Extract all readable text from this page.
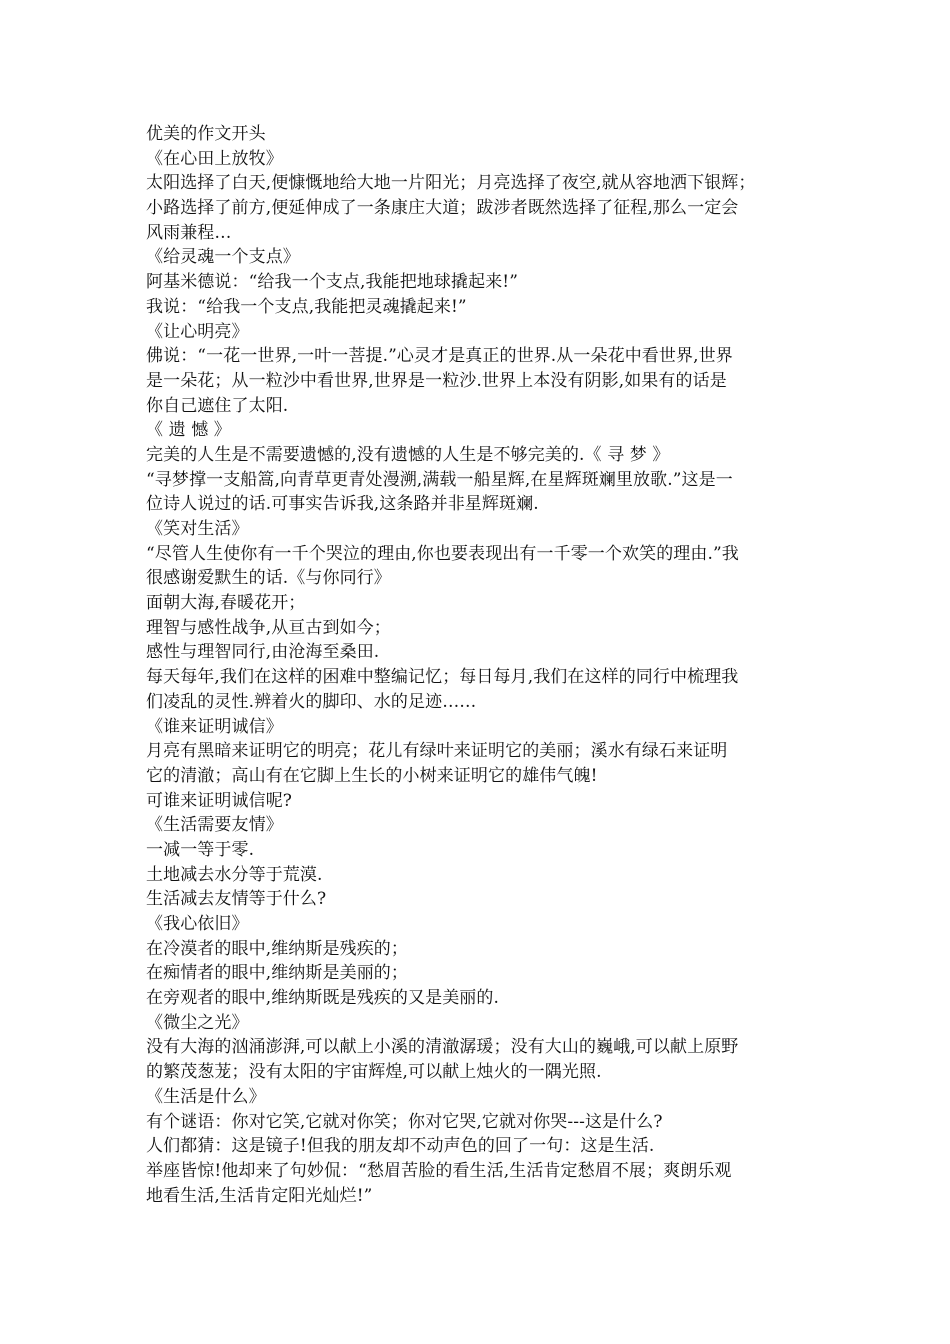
优美的作文开头
《在心田上放牧》
太阳选择了白天,便慷慨地给大地一片阳光；月亮选择了夜空,就从容地洒下银辉；
小路选择了前方,便延伸成了一条康庄大道；跋涉者既然选择了征程,那么一定会
风雨兼程…
《给灵魂一个支点》
阿基米德说：“给我一个支点,我能把地球撬起来!”
我说：“给我一个支点,我能把灵魂撬起来!”
《让心明亮》
佛说：“一花一世界,一叶一菩提.”心灵才是真正的世界.从一朵花中看世界,世界
是一朵花；从一粒沙中看世界,世界是一粒沙.世界上本没有阴影,如果有的话是
你自己遮住了太阳.
《 遗 憾 》
完美的人生是不需要遗憾的,没有遗憾的人生是不够完美的.《 寻 梦 》
“寻梦撑一支船篙,向青草更青处漫溯,满载一船星辉,在星辉斑斓里放歌.”这是一
位诗人说过的话.可事实告诉我,这条路并非星辉斑斓.
《笑对生活》
“尽管人生使你有一千个哭泣的理由,你也要表现出有一千零一个欢笑的理由.”我
很感谢爱默生的话.《与你同行》
面朝大海,春暖花开；
理智与感性战争,从亘古到如今；
感性与理智同行,由沧海至桑田.
每天每年,我们在这样的困难中整编记忆；每日每月,我们在这样的同行中梳理我
们凌乱的灵性.辨着火的脚印、水的足迹……
《谁来证明诚信》
月亮有黑暗来证明它的明亮；花儿有绿叶来证明它的美丽；溪水有绿石来证明
它的清澈；高山有在它脚上生长的小树来证明它的雄伟气魄!
可谁来证明诚信呢?
《生活需要友情》
一减一等于零.
土地减去水分等于荒漠.
生活减去友情等于什么?
《我心依旧》
在冷漠者的眼中,维纳斯是残疾的；
在痴情者的眼中,维纳斯是美丽的；
在旁观者的眼中,维纳斯既是残疾的又是美丽的.
《微尘之光》
没有大海的汹涌澎湃,可以献上小溪的清澈潺瑗；没有大山的巍峨,可以献上原野
的繁茂葱茏；没有太阳的宇宙辉煌,可以献上烛火的一隅光照.
《生活是什么》
有个谜语：你对它笑,它就对你笑；你对它哭,它就对你哭---这是什么?
人们都猜：这是镜子!但我的朋友却不动声色的回了一句：这是生活.
举座皆惊!他却来了句妙侃：“愁眉苦脸的看生活,生活肯定愁眉不展；爽朗乐观
地看生活,生活肯定阳光灿烂!”
